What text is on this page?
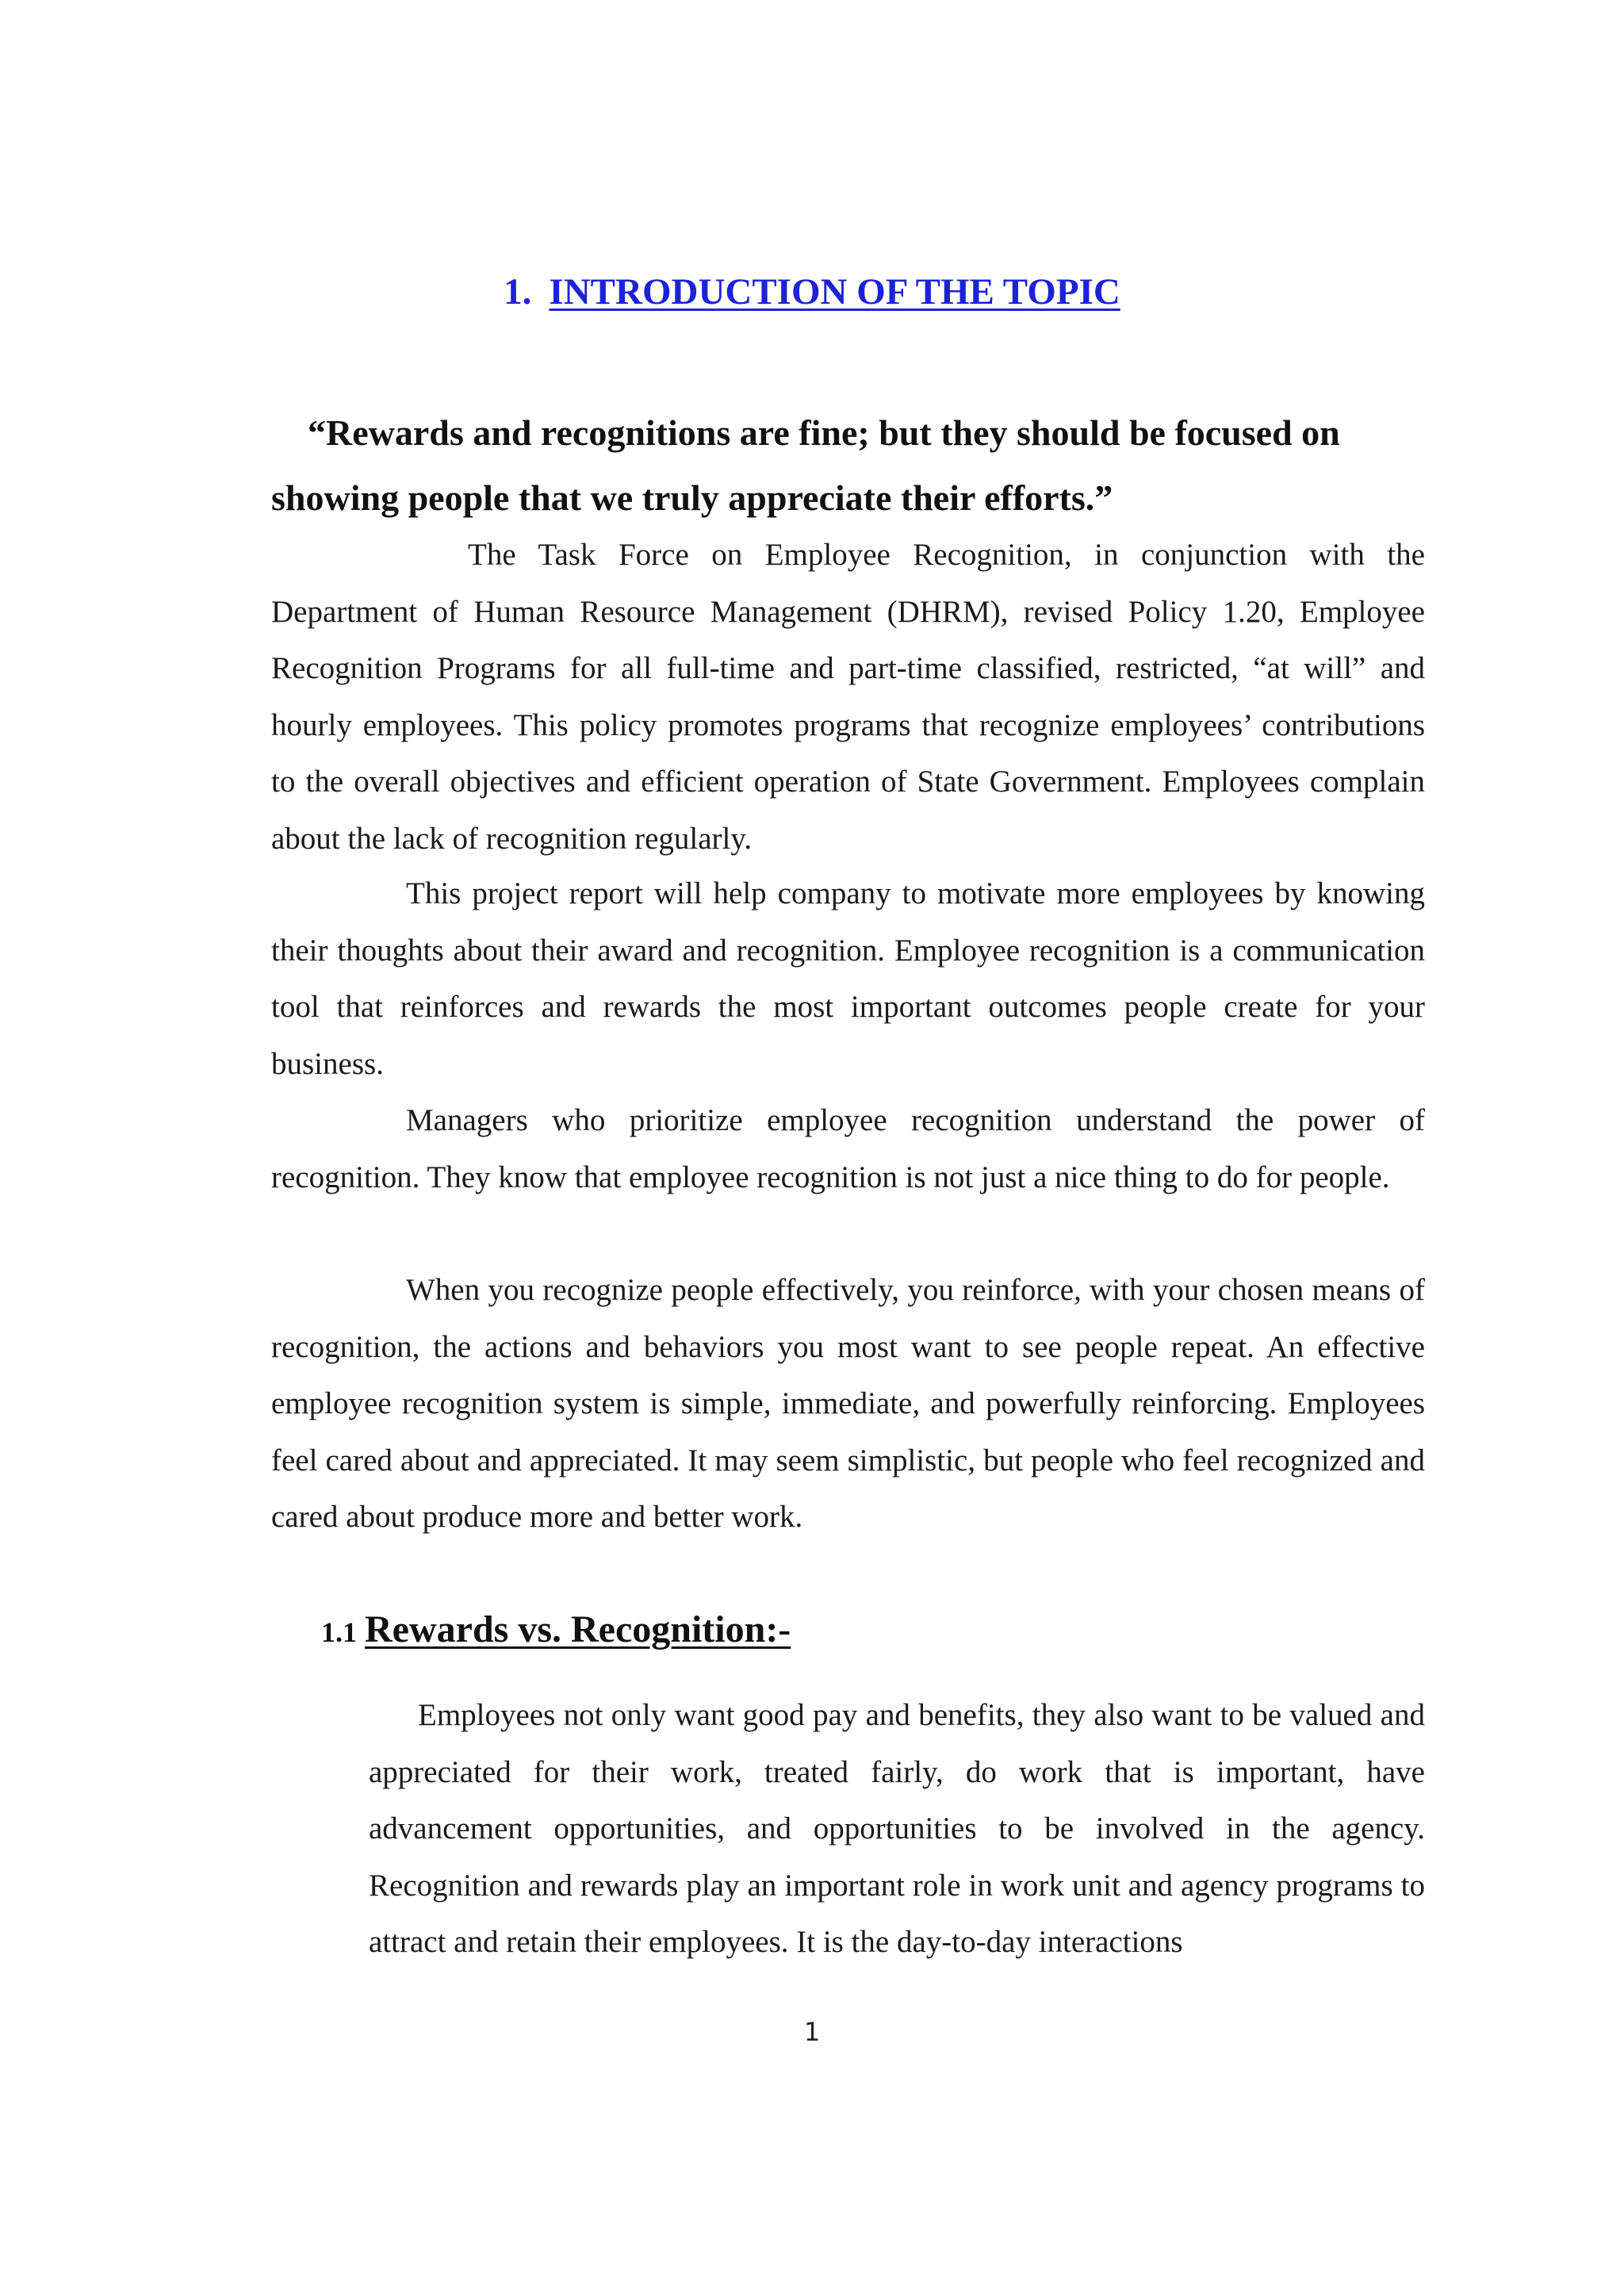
1. INTRODUCTION OF THE TOPIC

“Rewards and recognitions are fine; but they should be focused on showing people that we truly appreciate their efforts.”

The Task Force on Employee Recognition, in conjunction with the Department of Human Resource Management (DHRM), revised Policy 1.20, Employee Recognition Programs for all full-time and part-time classified, restricted, “at will” and hourly employees. This policy promotes programs that recognize employees’ contributions to the overall objectives and efficient operation of State Government. Employees complain about the lack of recognition regularly.

This project report will help company to motivate more employees by knowing their thoughts about their award and recognition. Employee recognition is a communication tool that reinforces and rewards the most important outcomes people create for your business.

Managers who prioritize employee recognition understand the power of recognition. They know that employee recognition is not just a nice thing to do for people.

When you recognize people effectively, you reinforce, with your chosen means of recognition, the actions and behaviors you most want to see people repeat. An effective employee recognition system is simple, immediate, and powerfully reinforcing. Employees feel cared about and appreciated. It may seem simplistic, but people who feel recognized and cared about produce more and better work.

1.1 Rewards vs. Recognition:-

Employees not only want good pay and benefits, they also want to be valued and appreciated for their work, treated fairly, do work that is important, have advancement opportunities, and opportunities to be involved in the agency. Recognition and rewards play an important role in work unit and agency programs to attract and retain their employees. It is the day-to-day interactions

1
